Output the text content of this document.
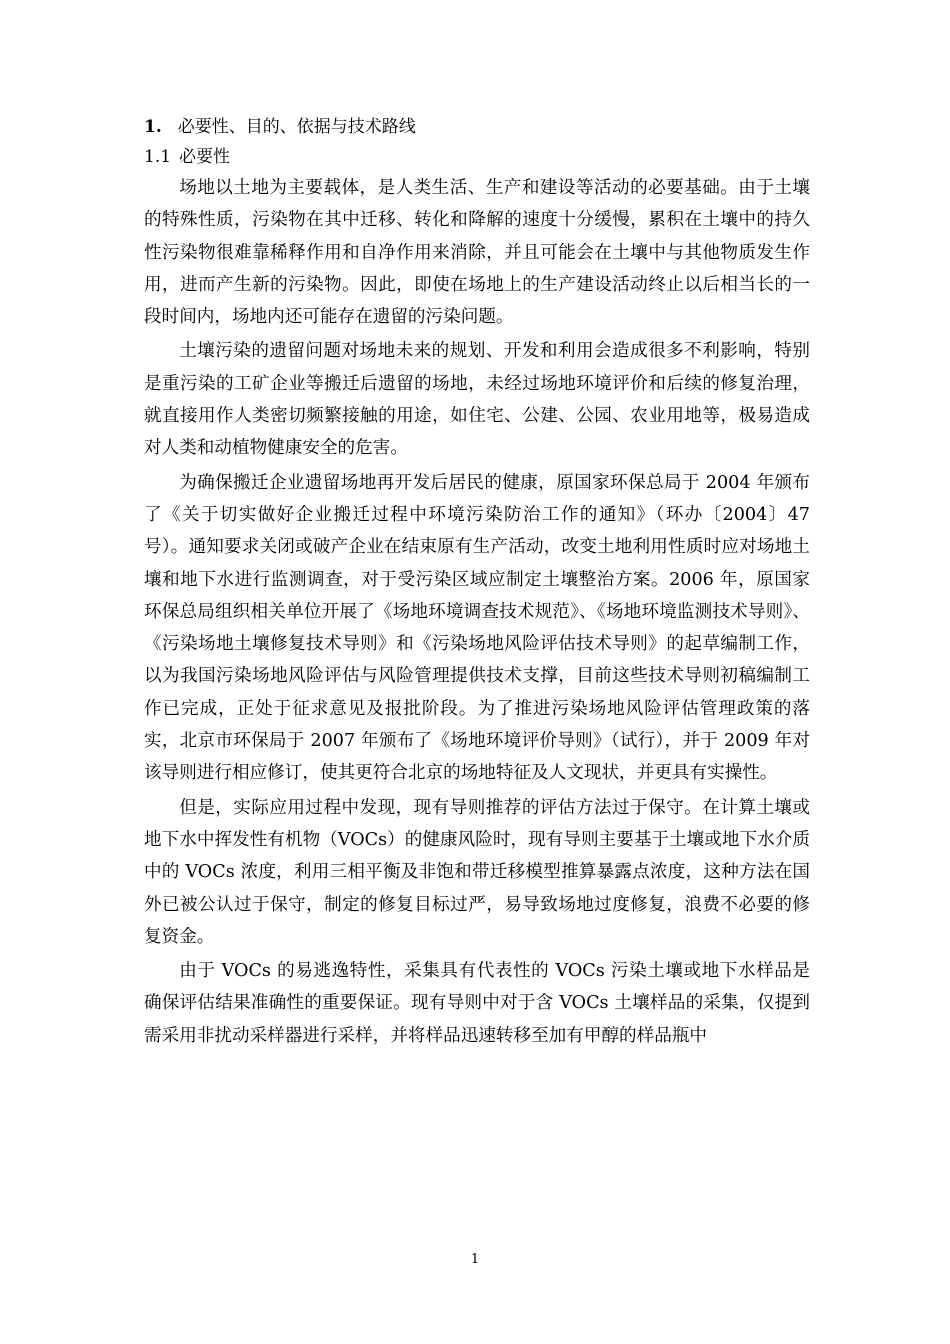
1. 必要性、目的、依据与技术路线
1.1 必要性

场地以土地为主要载体，是人类生活、生产和建设等活动的必要基础。由于土壤的特殊性质，污染物在其中迁移、转化和降解的速度十分缓慢，累积在土壤中的持久性污染物很难靠稀释作用和自净作用来消除，并且可能会在土壤中与其他物质发生作用，进而产生新的污染物。因此，即使在场地上的生产建设活动终止以后相当长的一段时间内，场地内还可能存在遗留的污染问题。

土壤污染的遗留问题对场地未来的规划、开发和利用会造成很多不利影响，特别是重污染的工矿企业等搬迁后遗留的场地，未经过场地环境评价和后续的修复治理，就直接用作人类密切频繁接触的用途，如住宅、公建、公园、农业用地等，极易造成对人类和动植物健康安全的危害。

为确保搬迁企业遗留场地再开发后居民的健康，原国家环保总局于 2004 年颁布了《关于切实做好企业搬迁过程中环境污染防治工作的通知》（环办〔2004〕47 号）。通知要求关闭或破产企业在结束原有生产活动，改变土地利用性质时应对场地土壤和地下水进行监测调查，对于受污染区域应制定土壤整治方案。2006 年，原国家环保总局组织相关单位开展了《场地环境调查技术规范》、《场地环境监测技术导则》、《污染场地土壤修复技术导则》和《污染场地风险评估技术导则》的起草编制工作，以为我国污染场地风险评估与风险管理提供技术支撑，目前这些技术导则初稿编制工作已完成，正处于征求意见及报批阶段。为了推进污染场地风险评估管理政策的落实，北京市环保局于 2007 年颁布了《场地环境评价导则》（试行），并于 2009 年对该导则进行相应修订，使其更符合北京的场地特征及人文现状，并更具有实操性。

但是，实际应用过程中发现，现有导则推荐的评估方法过于保守。在计算土壤或地下水中挥发性有机物（VOCs）的健康风险时，现有导则主要基于土壤或地下水介质中的 VOCs 浓度，利用三相平衡及非饱和带迁移模型推算暴露点浓度，这种方法在国外已被公认过于保守，制定的修复目标过严，易导致场地过度修复，浪费不必要的修复资金。

由于 VOCs 的易逃逸特性，采集具有代表性的 VOCs 污染土壤或地下水样品是确保评估结果准确性的重要保证。现有导则中对于含 VOCs 土壤样品的采集，仅提到需采用非扰动采样器进行采样，并将样品迅速转移至加有甲醇的样品瓶中

1
